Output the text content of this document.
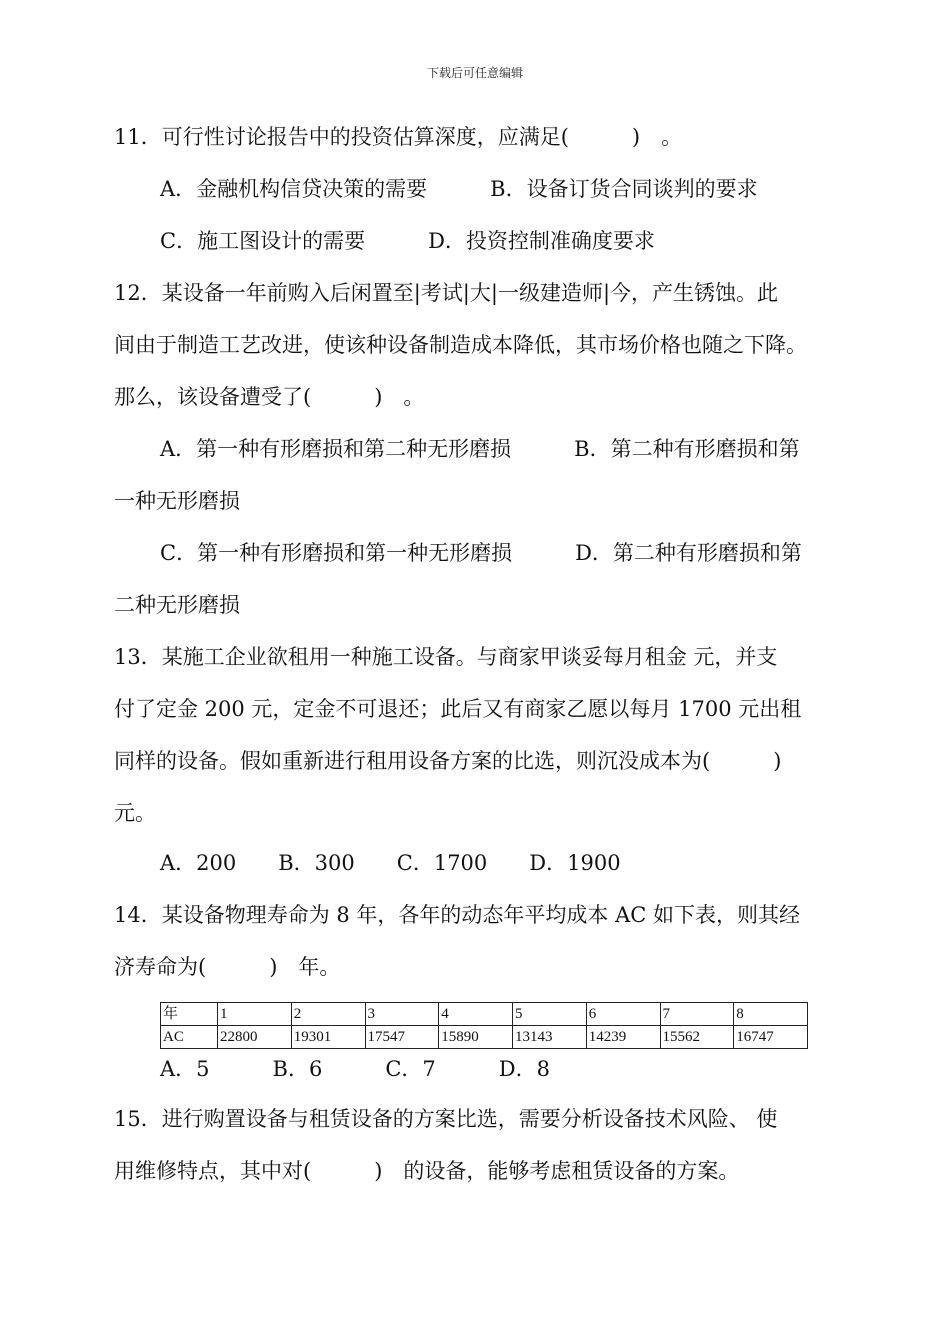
下载后可任意编辑
11．可行性讨论报告中的投资估算深度，应满足(　　　)　。
A．金融机构信贷决策的需要　　　B．设备订货合同谈判的要求
C．施工图设计的需要　　　D．投资控制准确度要求
12．某设备一年前购入后闲置至|考试|大|一级建造师|今，产生锈蚀。此
间由于制造工艺改进，使该种设备制造成本降低，其市场价格也随之下降。
那么，该设备遭受了(　　　)　。
A．第一种有形磨损和第二种无形磨损　　　B．第二种有形磨损和第
一种无形磨损
C．第一种有形磨损和第一种无形磨损　　　D．第二种有形磨损和第
二种无形磨损
13．某施工企业欲租用一种施工设备。与商家甲谈妥每月租金 元，并支
付了定金 200 元，定金不可退还；此后又有商家乙愿以每月 1700 元出租
同样的设备。假如重新进行租用设备方案的比选，则沉没成本为(　　　)
元。
A．200　　B．300　　C．1700　　D．1900
14．某设备物理寿命为 8 年，各年的动态年平均成本 AC 如下表，则其经
济寿命为(　　　)　年。
年	1	2	3	4	5	6	7	8
AC	22800	19301	17547	15890	13143	14239	15562	16747
A．5　　　B．6　　　C．7　　　D．8
15．进行购置设备与租赁设备的方案比选，需要分析设备技术风险、 使
用维修特点，其中对(　　　)　的设备，能够考虑租赁设备的方案。
